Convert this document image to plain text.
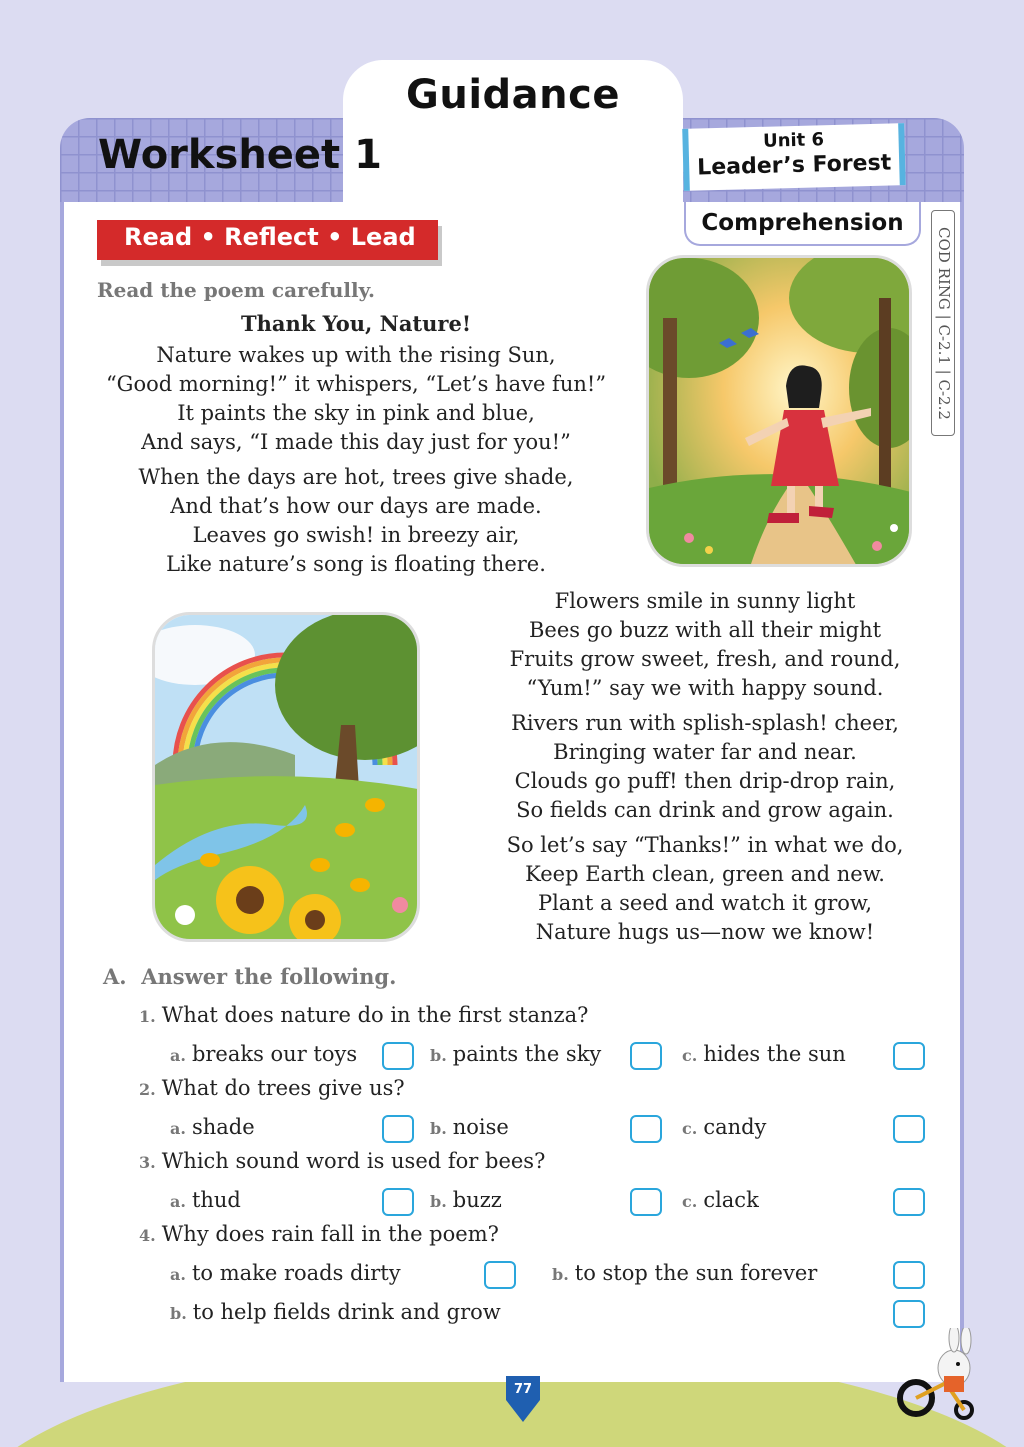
Guidance
Worksheet 1	Unit 6
Leader’s Forest
Comprehension
COD RING | C-2.1 | C-2.2
Read • Reflect • Lead
Read the poem carefully.
Thank You, Nature!
Nature wakes up with the rising Sun,
“Good morning!” it whispers, “Let’s have fun!”
It paints the sky in pink and blue,
And says, “I made this day just for you!”
When the days are hot, trees give shade,
And that’s how our days are made.
Leaves go swish! in breezy air,
Like nature’s song is floating there.
Flowers smile in sunny light
Bees go buzz with all their might
Fruits grow sweet, fresh, and round,
“Yum!” say we with happy sound.
Rivers run with splish-splash! cheer,
Bringing water far and near.
Clouds go puff! then drip-drop rain,
So fields can drink and grow again.
So let’s say “Thanks!” in what we do,
Keep Earth clean, green and new.
Plant a seed and watch it grow,
Nature hugs us—now we know!
A.  Answer the following.
1. What does nature do in the first stanza?
a. breaks our toys	b. paints the sky	c. hides the sun
2. What do trees give us?
a. shade	b. noise	c. candy
3. Which sound word is used for bees?
a. thud	b. buzz	c. clack
4. Why does rain fall in the poem?
a. to make roads dirty	b. to stop the sun forever
b. to help fields drink and grow
77
